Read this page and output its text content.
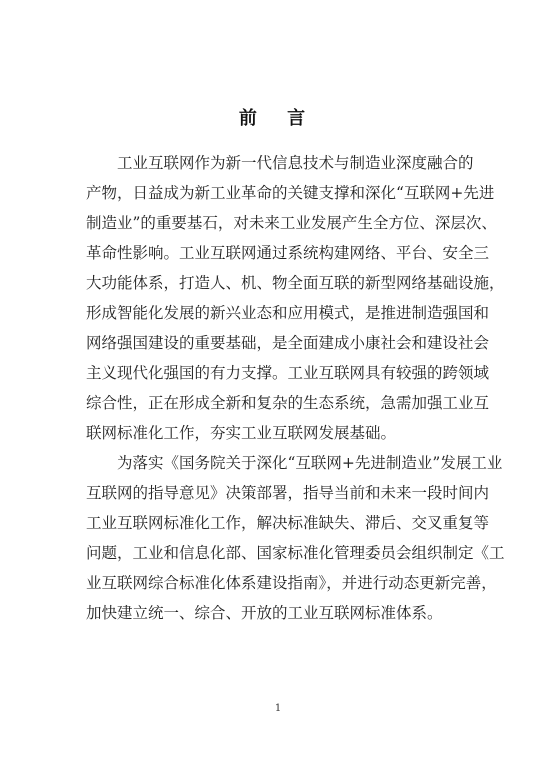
前 言
工业互联网作为新一代信息技术与制造业深度融合的
产物，日益成为新工业革命的关键支撑和深化“互联网+先进
制造业”的重要基石，对未来工业发展产生全方位、深层次、
革命性影响。工业互联网通过系统构建网络、平台、安全三
大功能体系，打造人、机、物全面互联的新型网络基础设施，
形成智能化发展的新兴业态和应用模式，是推进制造强国和
网络强国建设的重要基础，是全面建成小康社会和建设社会
主义现代化强国的有力支撑。工业互联网具有较强的跨领域
综合性，正在形成全新和复杂的生态系统，急需加强工业互
联网标准化工作，夯实工业互联网发展基础。
为落实《国务院关于深化“互联网+先进制造业”发展工业
互联网的指导意见》决策部署，指导当前和未来一段时间内
工业互联网标准化工作，解决标准缺失、滞后、交叉重复等
问题，工业和信息化部、国家标准化管理委员会组织制定《工
业互联网综合标准化体系建设指南》，并进行动态更新完善，
加快建立统一、综合、开放的工业互联网标准体系。
1
